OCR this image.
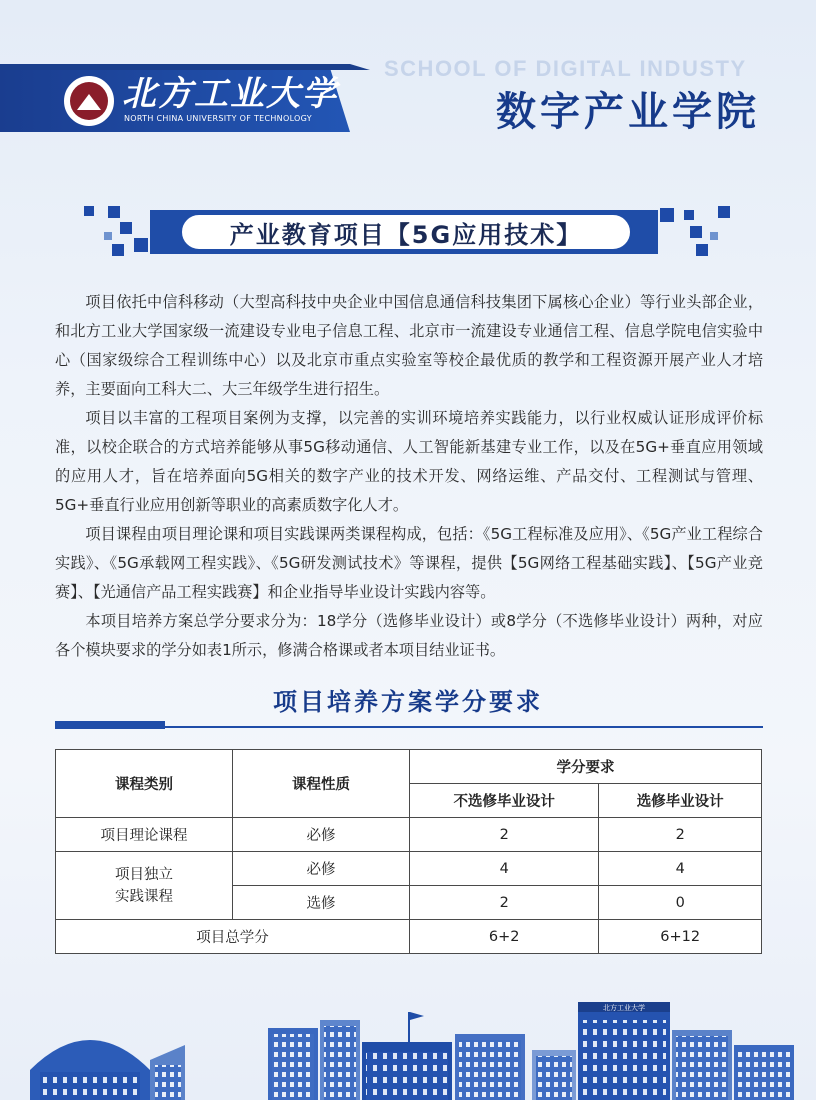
北方工业大学
NORTH CHINA UNIVERSITY OF TECHNOLOGY
SCHOOL OF DIGITAL INDUSTY
数字产业学院
产业教育项目【5G应用技术】

项目依托中信科移动（大型高科技中央企业中国信息通信科技集团下属核心企业）等行业头部企业，和北方工业大学国家级一流建设专业电子信息工程、北京市一流建设专业通信工程、信息学院电信实验中心（国家级综合工程训练中心）以及北京市重点实验室等校企最优质的教学和工程资源开展产业人才培养，主要面向工科大二、大三年级学生进行招生。

项目以丰富的工程项目案例为支撑，以完善的实训环境培养实践能力，以行业权威认证形成评价标准，以校企联合的方式培养能够从事5G移动通信、人工智能新基建专业工作，以及在5G+垂直应用领域的应用人才，旨在培养面向5G相关的数字产业的技术开发、网络运维、产品交付、工程测试与管理、5G+垂直行业应用创新等职业的高素质数字化人才。

项目课程由项目理论课和项目实践课两类课程构成，包括：《5G工程标准及应用》、《5G产业工程综合实践》、《5G承载网工程实践》、《5G研发测试技术》等课程，提供【5G网络工程基础实践】、【5G产业竞赛】、【光通信产品工程实践赛】和企业指导毕业设计实践内容等。

本项目培养方案总学分要求分为：18学分（选修毕业设计）或8学分（不选修毕业设计）两种，对应各个模块要求的学分如表1所示，修满合格课或者本项目结业证书。

项目培养方案学分要求
课程类别	课程性质	学分要求	
		不选修毕业设计	选修毕业设计
项目理论课程	必修	2	2
项目独立
实践课程	必修	4	4
	选修	2	0
项目总学分		6+2	6+12
北方工业大学
